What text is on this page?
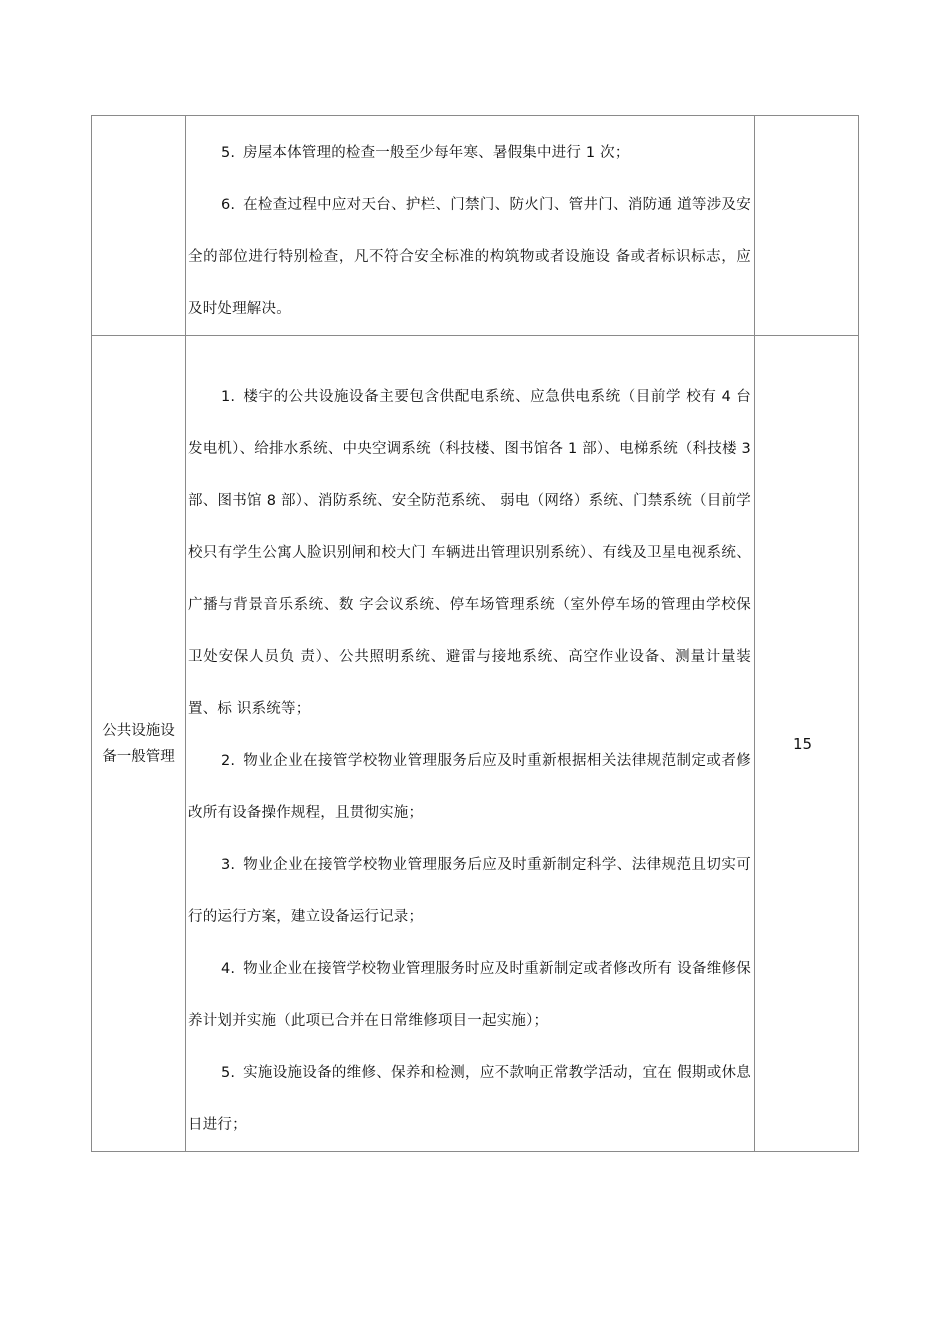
	5. 房屋本体管理的检查一般至少每年寒、暑假集中进行 1 次；

6. 在检查过程中应对天台、护栏、门禁门、防火门、管井门、消防通 道等涉及安全的部位进行特别检查，凡不符合安全标准的构筑物或者设施设 备或者标识标志，应及时处理解决。	

公共设施设备一般管理	1. 楼宇的公共设施设备主要包含供配电系统、应急供电系统（目前学 校有 4 台发电机）、给排水系统、中央空调系统（科技楼、图书馆各 1 部）、电梯系统（科技楼 3 部、图书馆 8 部）、消防系统、安全防范系统、 弱电（网络）系统、门禁系统（目前学校只有学生公寓人脸识别闸和校大门 车辆进出管理识别系统）、有线及卫星电视系统、广播与背景音乐系统、数 字会议系统、停车场管理系统（室外停车场的管理由学校保卫处安保人员负 责）、公共照明系统、避雷与接地系统、高空作业设备、测量计量装置、标 识系统等；

2. 物业企业在接管学校物业管理服务后应及时重新根据相关法律规范制定或者修改所有设备操作规程，且贯彻实施；

3. 物业企业在接管学校物业管理服务后应及时重新制定科学、法律规范且切实可行的运行方案，建立设备运行记录；

4. 物业企业在接管学校物业管理服务时应及时重新制定或者修改所有 设备维修保养计划并实施（此项已合并在日常维修项目一起实施）；

5. 实施设施设备的维修、保养和检测，应不款响正常教学活动，宜在 假期或休息日进行；	15
